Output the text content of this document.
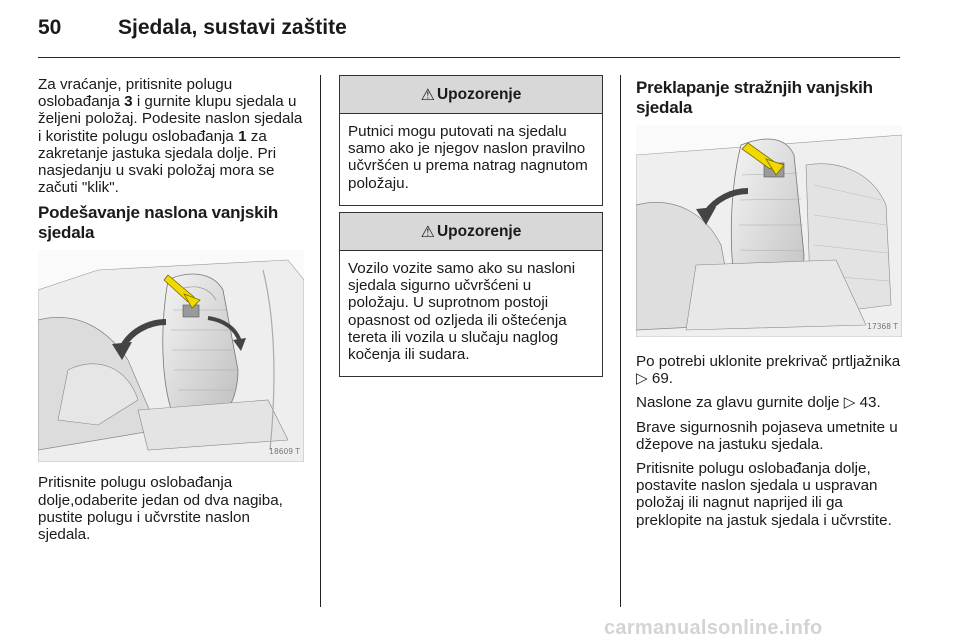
50	Sjedala, sustavi zaštite

Za vraćanje, pritisnite polugu oslobađanja 3 i gurnite klupu sjedala u željeni položaj. Podesite naslon sjedala i koristite polugu oslobađanja 1 za zakretanje jastuka sjedala dolje. Pri nasjedanju u svaki položaj mora se začuti "klik".

Podešavanje naslona vanjskih sjedala
18609 T

Pritisnite polugu oslobađanja dolje,odaberite jedan od dva nagiba, pustite polugu i učvrstite naslon sjedala.

⚠ Upozorenje
Putnici mogu putovati na sjedalu samo ako je njegov naslon pravilno učvršćen u prema natrag nagnutom položaju.
⚠ Upozorenje
Vozilo vozite samo ako su nasloni sjedala sigurno učvršćeni u položaju. U suprotnom postoji opasnost od ozljeda ili oštećenja tereta ili vozila u slučaju naglog kočenja ili sudara.
Preklapanje stražnjih vanjskih sjedala
17368 T

Po potrebi uklonite prekrivač prtljažnika ▷ 69.

Naslone za glavu gurnite dolje ▷ 43.

Brave sigurnosnih pojaseva umetnite u džepove na jastuku sjedala.

Pritisnite polugu oslobađanja dolje, postavite naslon sjedala u uspravan položaj ili nagnut naprijed ili ga preklopite na jastuk sjedala i učvrstite.

carmanualsonline.info
